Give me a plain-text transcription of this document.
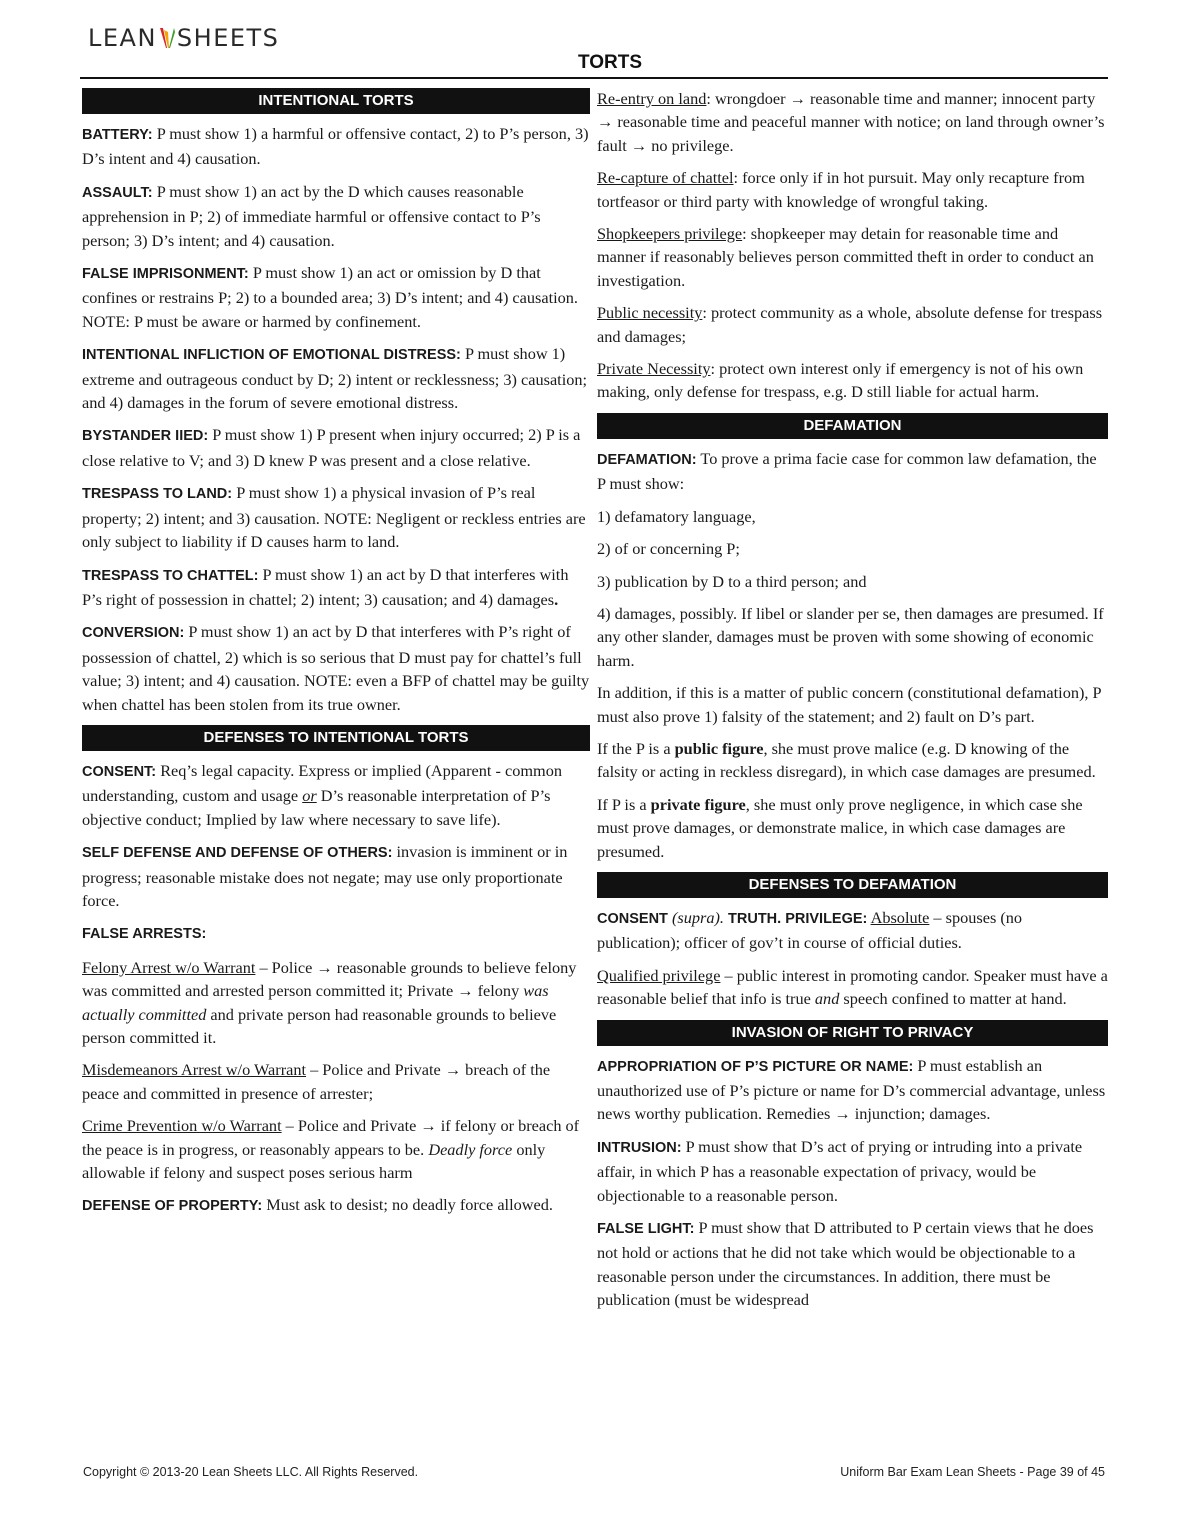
LEAN SHEETS
TORTS
INTENTIONAL TORTS

BATTERY: P must show 1) a harmful or offensive contact, 2) to P’s person, 3) D’s intent and 4) causation.

ASSAULT: P must show 1) an act by the D which causes reasonable apprehension in P; 2) of immediate harmful or offensive contact to P’s person; 3) D’s intent; and 4) causation.

FALSE IMPRISONMENT: P must show 1) an act or omission by D that confines or restrains P; 2) to a bounded area; 3) D’s intent; and 4) causation. NOTE: P must be aware or harmed by confinement.

INTENTIONAL INFLICTION OF EMOTIONAL DISTRESS: P must show 1) extreme and outrageous conduct by D; 2) intent or recklessness; 3) causation; and 4) damages in the forum of severe emotional distress.

BYSTANDER IIED: P must show 1) P present when injury occurred; 2) P is a close relative to V; and 3) D knew P was present and a close relative.

TRESPASS TO LAND: P must show 1) a physical invasion of P’s real property; 2) intent; and 3) causation. NOTE: Negligent or reckless entries are only subject to liability if D causes harm to land.

TRESPASS TO CHATTEL: P must show 1) an act by D that interferes with P’s right of possession in chattel; 2) intent; 3) causation; and 4) damages.

CONVERSION: P must show 1) an act by D that interferes with P’s right of possession of chattel, 2) which is so serious that D must pay for chattel’s full value; 3) intent; and 4) causation. NOTE: even a BFP of chattel may be guilty when chattel has been stolen from its true owner.

DEFENSES TO INTENTIONAL TORTS

CONSENT: Req’s legal capacity. Express or implied (Apparent - common understanding, custom and usage or D’s reasonable interpretation of P’s objective conduct; Implied by law where necessary to save life).

SELF DEFENSE AND DEFENSE OF OTHERS: invasion is imminent or in progress; reasonable mistake does not negate; may use only proportionate force.

FALSE ARRESTS:

Felony Arrest w/o Warrant – Police → reasonable grounds to believe felony was committed and arrested person committed it; Private → felony was actually committed and private person had reasonable grounds to believe person committed it.

Misdemeanors Arrest w/o Warrant – Police and Private → breach of the peace and committed in presence of arrester;

Crime Prevention w/o Warrant – Police and Private → if felony or breach of the peace is in progress, or reasonably appears to be. Deadly force only allowable if felony and suspect poses serious harm

DEFENSE OF PROPERTY: Must ask to desist; no deadly force allowed.

Re-entry on land: wrongdoer → reasonable time and manner; innocent party → reasonable time and peaceful manner with notice; on land through owner’s fault → no privilege.

Re-capture of chattel: force only if in hot pursuit. May only recapture from tortfeasor or third party with knowledge of wrongful taking.

Shopkeepers privilege: shopkeeper may detain for reasonable time and manner if reasonably believes person committed theft in order to conduct an investigation.

Public necessity: protect community as a whole, absolute defense for trespass and damages;

Private Necessity: protect own interest only if emergency is not of his own making, only defense for trespass, e.g. D still liable for actual harm.

DEFAMATION

DEFAMATION: To prove a prima facie case for common law defamation, the P must show:

1) defamatory language,

2) of or concerning P;

3) publication by D to a third person; and

4) damages, possibly. If libel or slander per se, then damages are presumed. If any other slander, damages must be proven with some showing of economic harm.

In addition, if this is a matter of public concern (constitutional defamation), P must also prove 1) falsity of the statement; and 2) fault on D’s part.

If the P is a public figure, she must prove malice (e.g. D knowing of the falsity or acting in reckless disregard), in which case damages are presumed.

If P is a private figure, she must only prove negligence, in which case she must prove damages, or demonstrate malice, in which case damages are presumed.

DEFENSES TO DEFAMATION

CONSENT (supra). TRUTH. PRIVILEGE: Absolute – spouses (no publication); officer of gov’t in course of official duties.

Qualified privilege – public interest in promoting candor. Speaker must have a reasonable belief that info is true and speech confined to matter at hand.

INVASION OF RIGHT TO PRIVACY

APPROPRIATION OF P’S PICTURE OR NAME: P must establish an unauthorized use of P’s picture or name for D’s commercial advantage, unless news worthy publication. Remedies → injunction; damages.

INTRUSION: P must show that D’s act of prying or intruding into a private affair, in which P has a reasonable expectation of privacy, would be objectionable to a reasonable person.

FALSE LIGHT: P must show that D attributed to P certain views that he does not hold or actions that he did not take which would be objectionable to a reasonable person under the circumstances. In addition, there must be publication (must be widespread

Copyright © 2013-20 Lean Sheets LLC. All Rights Reserved.	Uniform Bar Exam Lean Sheets - Page 39 of 45
